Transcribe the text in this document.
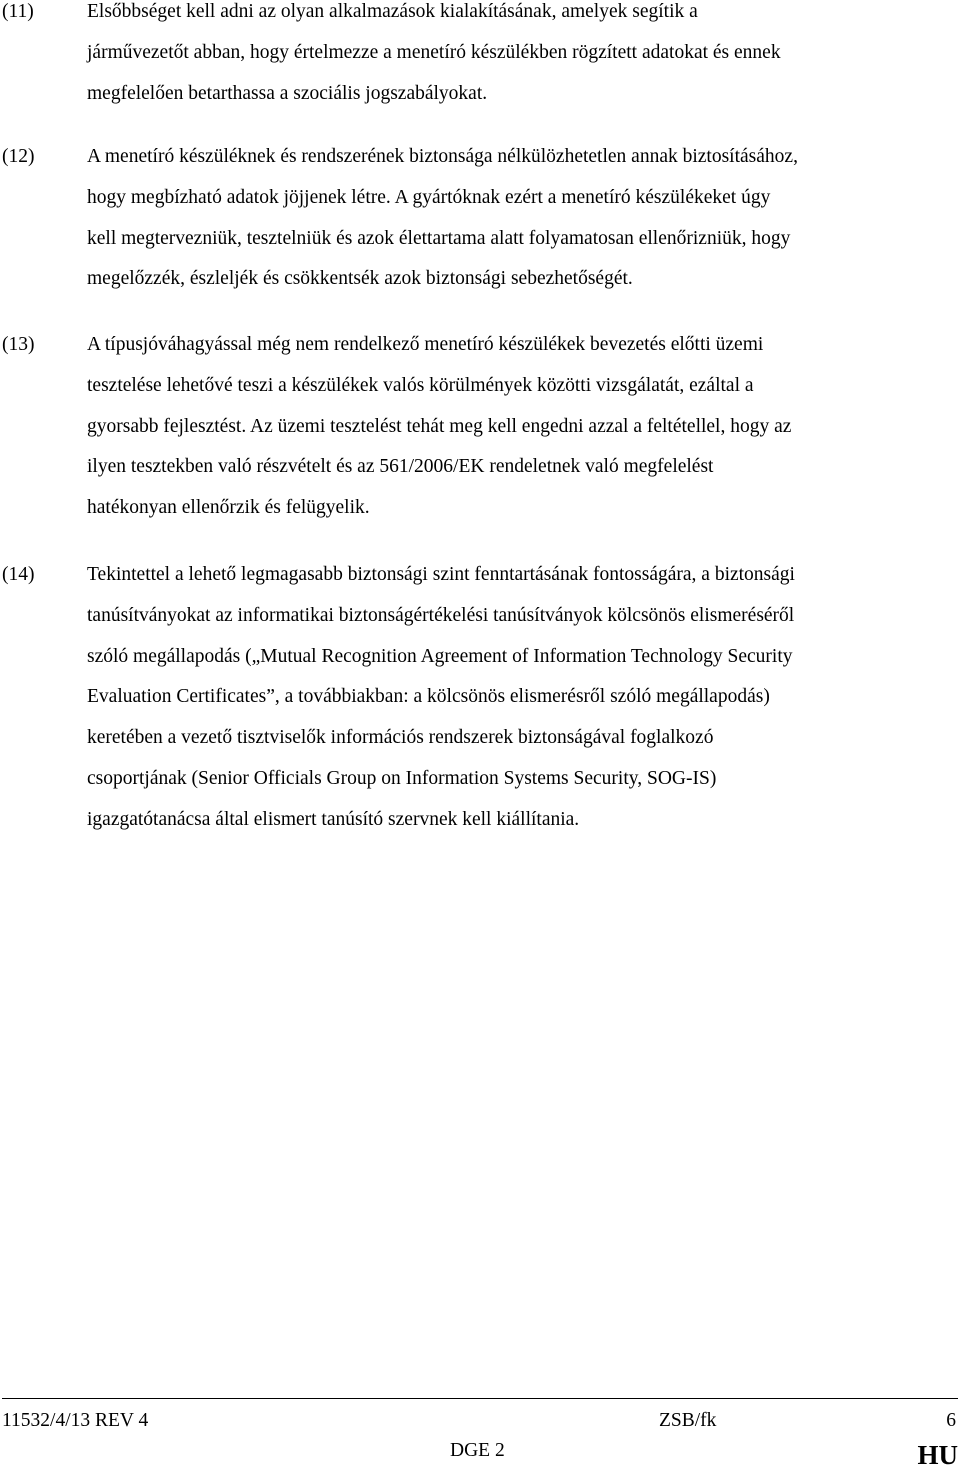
(11)	Elsőbbséget kell adni az olyan alkalmazások kialakításának, amelyek segítik a
járművezetőt abban, hogy értelmezze a menetíró készülékben rögzített adatokat és ennek
megfelelően betarthassa a szociális jogszabályokat.
(12)	A menetíró készüléknek és rendszerének biztonsága nélkülözhetetlen annak biztosításához,
hogy megbízható adatok jöjjenek létre. A gyártóknak ezért a menetíró készülékeket úgy
kell megtervezniük, tesztelniük és azok élettartama alatt folyamatosan ellenőrizniük, hogy
megelőzzék, észleljék és csökkentsék azok biztonsági sebezhetőségét.
(13)	A típusjóváhagyással még nem rendelkező menetíró készülékek bevezetés előtti üzemi
tesztelése lehetővé teszi a készülékek valós körülmények közötti vizsgálatát, ezáltal a
gyorsabb fejlesztést. Az üzemi tesztelést tehát meg kell engedni azzal a feltétellel, hogy az
ilyen tesztekben való részvételt és az 561/2006/EK rendeletnek való megfelelést
hatékonyan ellenőrzik és felügyelik.
(14)	Tekintettel a lehető legmagasabb biztonsági szint fenntartásának fontosságára, a biztonsági
tanúsítványokat az informatikai biztonságértékelési tanúsítványok kölcsönös elismeréséről
szóló megállapodás („Mutual Recognition Agreement of Information Technology Security
Evaluation Certificates”, a továbbiakban: a kölcsönös elismerésről szóló megállapodás)
keretében a vezető tisztviselők információs rendszerek biztonságával foglalkozó
csoportjának (Senior Officials Group on Information Systems Security, SOG-IS)
igazgatótanácsa által elismert tanúsító szervnek kell kiállítania.
11532/4/13 REV 4	ZSB/fk	6
DGE 2	HU
